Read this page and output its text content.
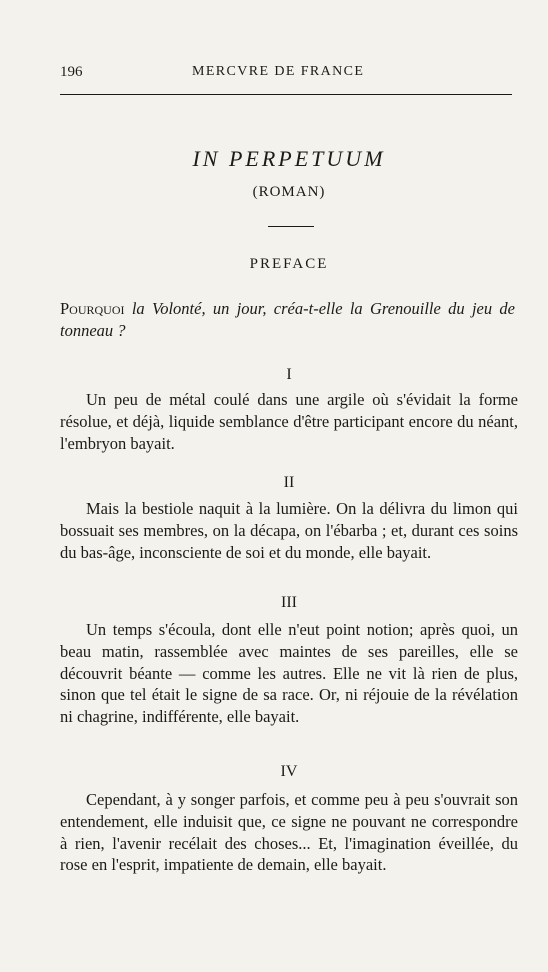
196	MERCVRE DE FRANCE
IN PERPETUUM
(ROMAN)
PREFACE

Pourquoi la Volonté, un jour, créa-t-elle la Grenouille du jeu de tonneau ?

I

Un peu de métal coulé dans une argile où s'évidait la forme résolue, et déjà, liquide semblance d'être participant encore du néant, l'embryon bayait.

II

Mais la bestiole naquit à la lumière. On la délivra du limon qui bossuait ses membres, on la décapa, on l'ébarba ; et, durant ces soins du bas-âge, inconsciente de soi et du monde, elle bayait.

III

Un temps s'écoula, dont elle n'eut point notion; après quoi, un beau matin, rassemblée avec maintes de ses pareilles, elle se découvrit béante — comme les autres. Elle ne vit là rien de plus, sinon que tel était le signe de sa race. Or, ni réjouie de la révélation ni chagrine, indifférente, elle bayait.

IV

Cependant, à y songer parfois, et comme peu à peu s'ouvrait son entendement, elle induisit que, ce signe ne pouvant ne correspondre à rien, l'avenir recélait des choses... Et, l'imagination éveillée, du rose en l'esprit, impatiente de demain, elle bayait.
